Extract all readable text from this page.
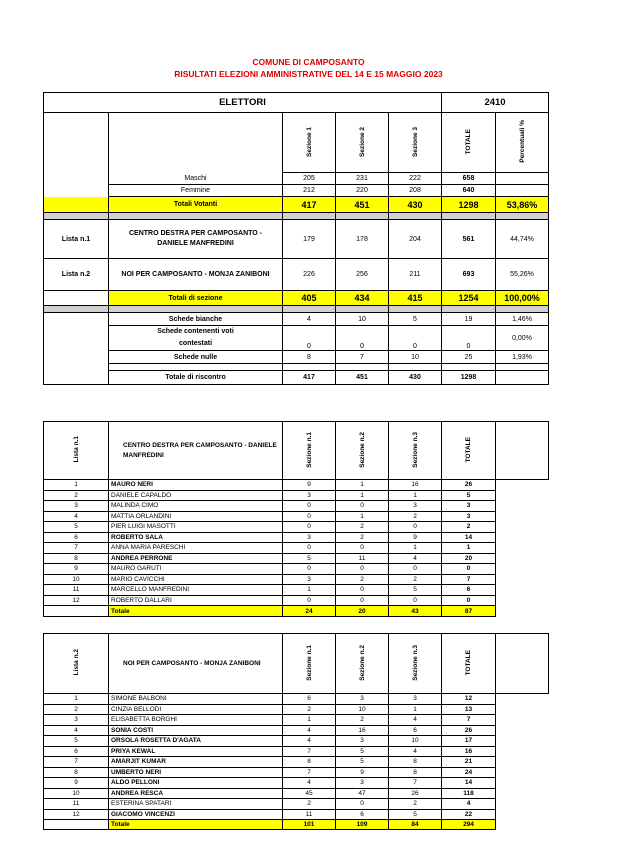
COMUNE DI CAMPOSANTO
RISULTATI ELEZIONI AMMINISTRATIVE DEL 14 E 15 MAGGIO 2023
ELETTORI					2410	
		Sezione 1	Sezione 2	Sezione 3	TOTALE	Percentuali %
	Maschi	205	231	222	658	
	Femmine	212	220	208	640	
	Totali Votanti	417	451	430	1298	53,86%

Lista n.1	CENTRO DESTRA PER CAMPOSANTO -
DANIELE MANFREDINI	179	178	204	561	44,74%
Lista n.2	NOI PER CAMPOSANTO - MONJA ZANIBONI	226	256	211	693	55,26%
	Totali di sezione	405	434	415	1254	100,00%

	Schede bianche	4	10	5	19	1,46%
	Schede contenenti voti
contestati	0	0	0	0	0,00%
	Schede nulle	8	7	10	25	1,93%

	Totale di riscontro	417	451	430	1298	
Lista n.1	CENTRO DESTRA PER CAMPOSANTO - DANIELE MANFREDINI	Sezione n.1	Sezione n.2	Sezione n.3	TOTALE	
1	MAURO NERI	9	1	16	26	
2	DANIELE CAPALDO	3	1	1	5	
3	MALINDA CIMO	0	0	3	3	
4	MATTIA ORLANDINI	0	1	2	3	
5	PIER LUIGI MASOTTI	0	2	0	2	
6	ROBERTO SALA	3	2	9	14	
7	ANNA MARIA PARESCHI	0	0	1	1	
8	ANDREA PERRONE	5	11	4	20	
9	MAURO GARUTI	0	0	0	0	
10	MARIO CAVICCHI	3	2	2	7	
11	MARCELLO MANFREDINI	1	0	5	6	
12	ROBERTO DALLARI	0	0	0	0	
	Totale	24	20	43	87	
Lista n.2	NOI PER CAMPOSANTO - MONJA ZANIBONI	Sezione n.1	Sezione n.2	Sezione n.3	TOTALE	
1	SIMONE BALBONI	6	3	3	12	
2	CINZIA BELLODI	2	10	1	13	
3	ELISABETTA BORGHI	1	2	4	7	
4	SONIA COSTI	4	16	6	26	
5	ORSOLA ROSETTA D'AGATA	4	3	10	17	
6	PRIYA KEWAL	7	5	4	16	
7	AMARJIT KUMAR	8	5	8	21	
8	UMBERTO NERI	7	9	8	24	
9	ALDO PELLONI	4	3	7	14	
10	ANDREA RESCA	45	47	26	118	
11	ESTERINA SPATARI	2	0	2	4	
12	GIACOMO VINCENZI	11	6	5	22	
	Totale	101	109	84	294	
